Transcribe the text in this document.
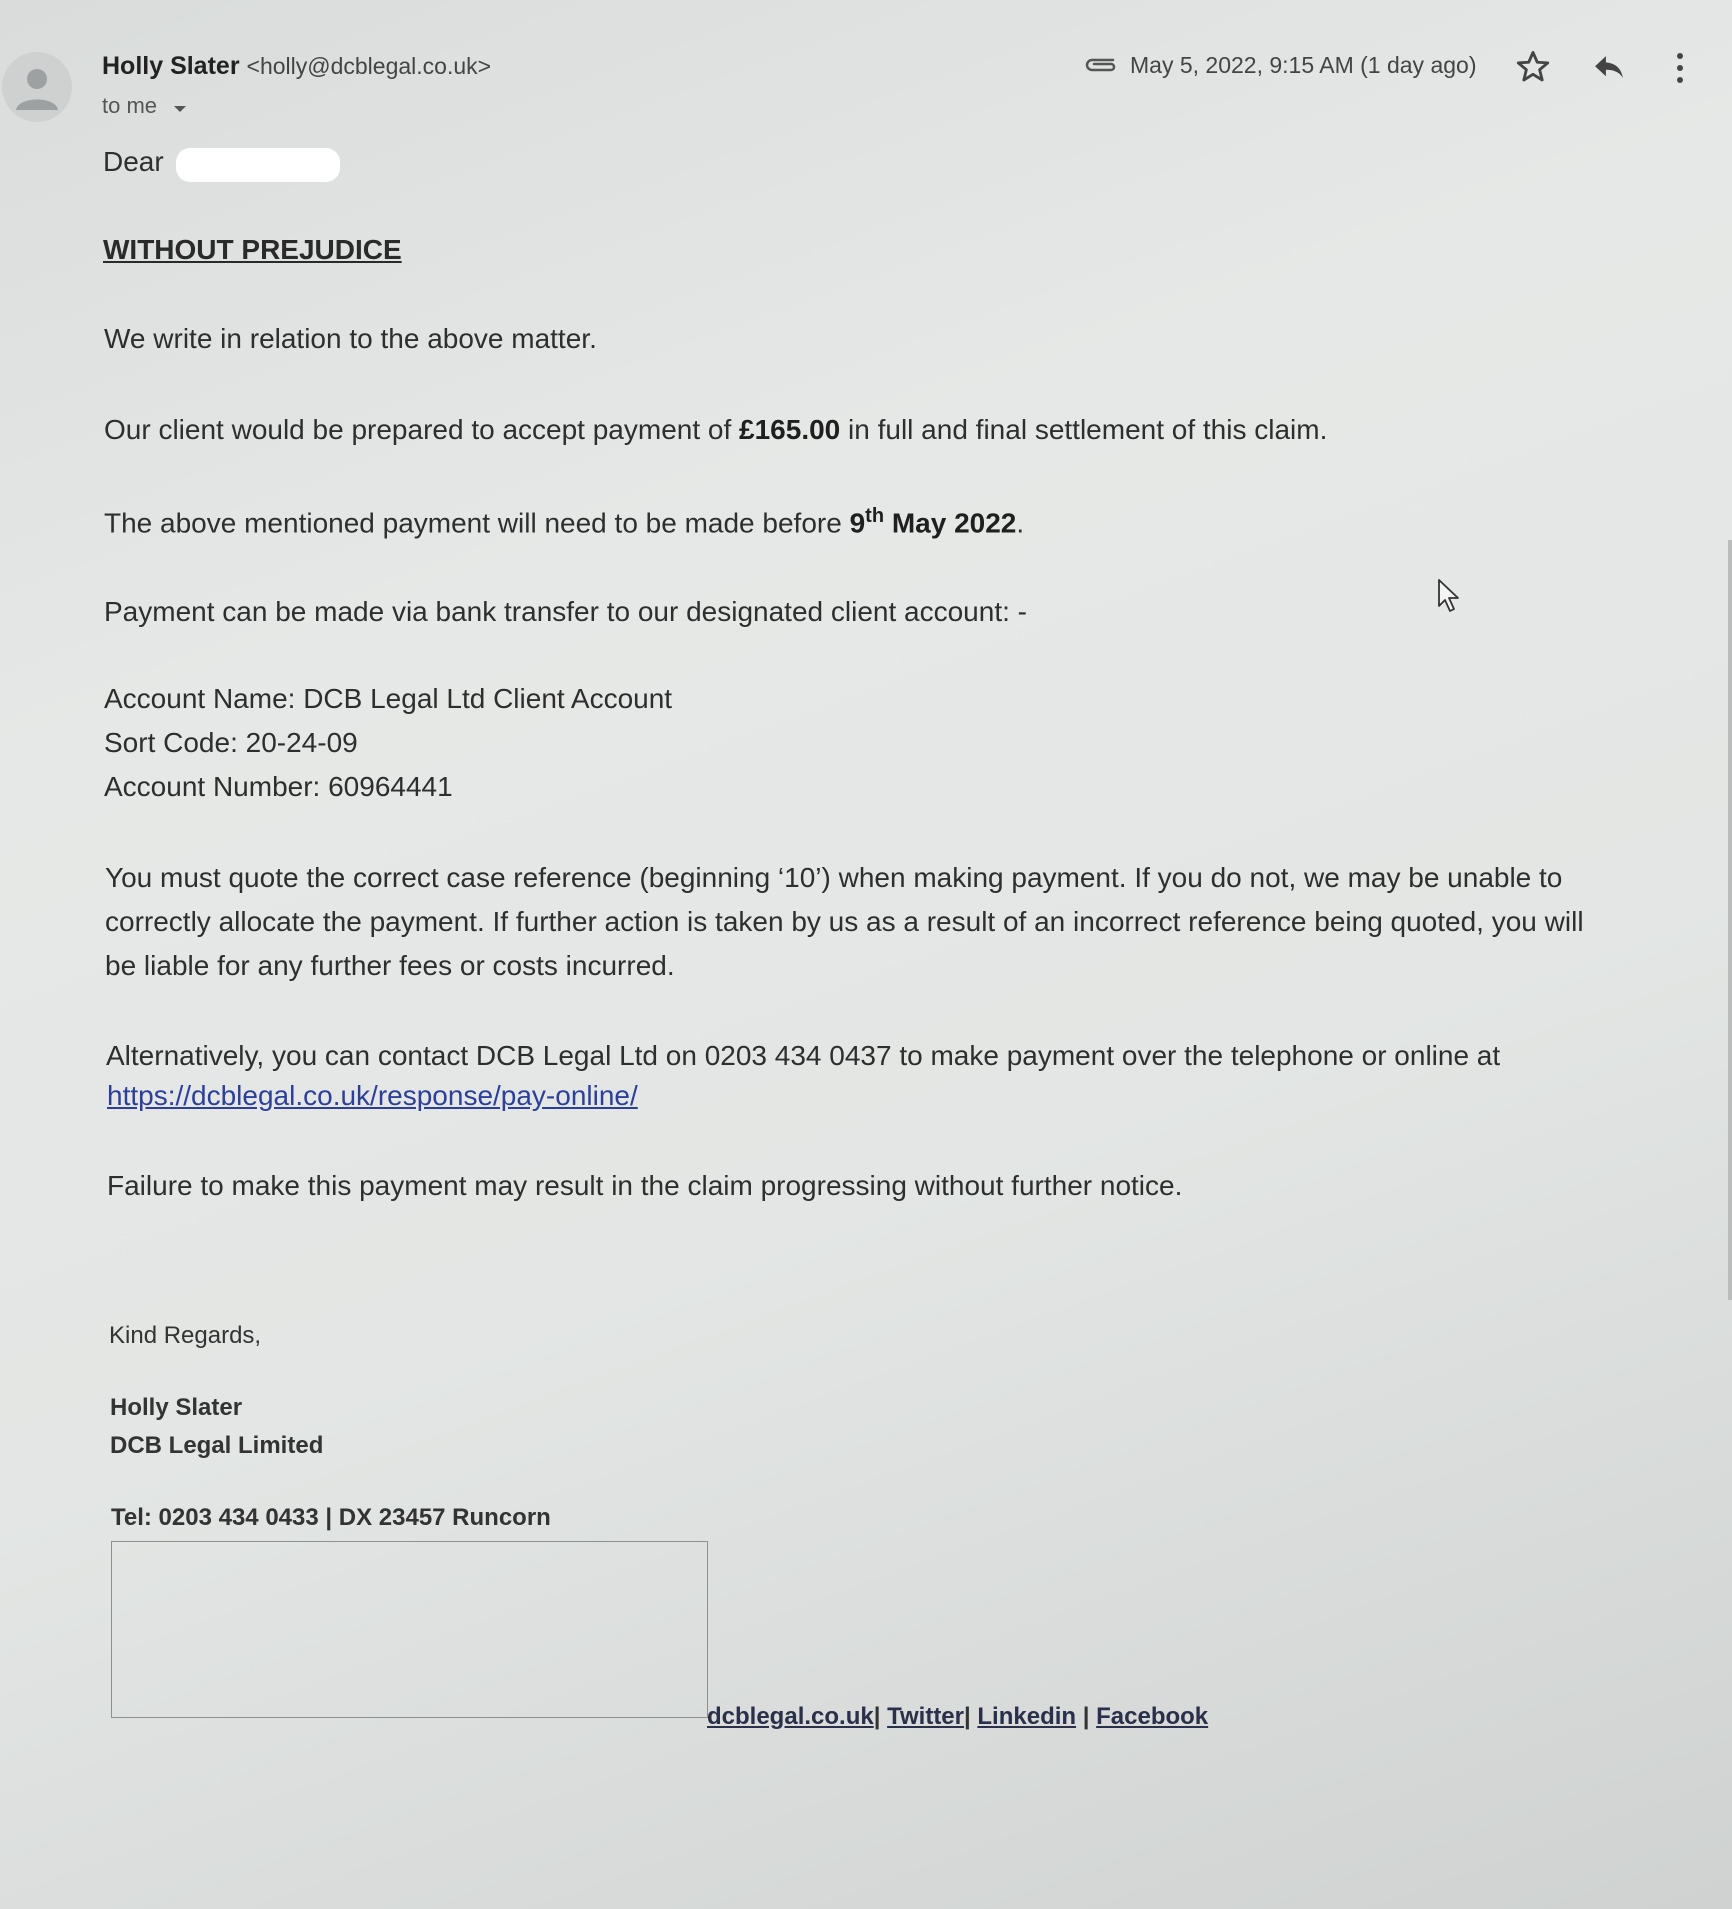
Holly Slater <holly@dcblegal.co.uk>
to me
May 5, 2022, 9:15 AM (1 day ago)
Dear
WITHOUT PREJUDICE
We write in relation to the above matter.
Our client would be prepared to accept payment of £165.00 in full and final settlement of this claim.
The above mentioned payment will need to be made before 9th May 2022.
Payment can be made via bank transfer to our designated client account: -
Account Name: DCB Legal Ltd Client Account
Sort Code: 20-24-09
Account Number: 60964441
You must quote the correct case reference (beginning ‘10’) when making payment. If you do not, we may be unable to
correctly allocate the payment. If further action is taken by us as a result of an incorrect reference being quoted, you will
be liable for any further fees or costs incurred.
Alternatively, you can contact DCB Legal Ltd on 0203 434 0437 to make payment over the telephone or online at
https://dcblegal.co.uk/response/pay-online/
Failure to make this payment may result in the claim progressing without further notice.
Kind Regards,
Holly Slater
DCB Legal Limited
Tel: 0203 434 0433 | DX 23457 Runcorn
dcblegal.co.uk| Twitter| Linkedin | Facebook
